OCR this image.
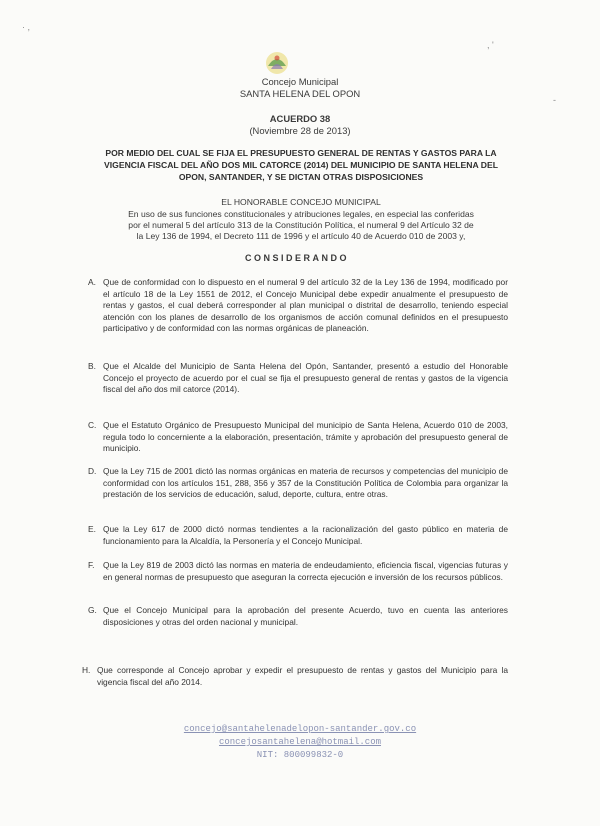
· ,
, '
-
Concejo Municipal
SANTA HELENA DEL OPON
ACUERDO 38
(Noviembre 28 de 2013)
POR MEDIO DEL CUAL SE FIJA EL PRESUPUESTO GENERAL DE RENTAS Y GASTOS PARA LA
VIGENCIA FISCAL DEL AÑO DOS MIL CATORCE (2014) DEL MUNICIPIO DE SANTA HELENA DEL
OPON, SANTANDER, Y SE DICTAN OTRAS DISPOSICIONES
EL HONORABLE CONCEJO MUNICIPAL
En uso de sus funciones constitucionales y atribuciones legales, en especial las conferidas
por el numeral 5 del artículo 313 de la Constitución Política, el numeral 9 del Artículo 32 de
la Ley 136 de 1994, el Decreto 111 de 1996 y el artículo 40 de Acuerdo 010 de 2003 y,
CONSIDERANDO
A. Que de conformidad con lo dispuesto en el numeral 9 del artículo 32 de la Ley 136 de 1994, modificado por el artículo 18 de la Ley 1551 de 2012, el Concejo Municipal debe expedir anualmente el presupuesto de rentas y gastos, el cual deberá corresponder al plan municipal o distrital de desarrollo, teniendo especial atención con los planes de desarrollo de los organismos de acción comunal definidos en el presupuesto participativo y de conformidad con las normas orgánicas de planeación.
B. Que el Alcalde del Municipio de Santa Helena del Opón, Santander, presentó a estudio del Honorable Concejo el proyecto de acuerdo por el cual se fija el presupuesto general de rentas y gastos de la vigencia fiscal del año dos mil catorce (2014).
C. Que el Estatuto Orgánico de Presupuesto Municipal del municipio de Santa Helena, Acuerdo 010 de 2003, regula todo lo concerniente a la elaboración, presentación, trámite y aprobación del presupuesto general de municipio.
D. Que la Ley 715 de 2001 dictó las normas orgánicas en materia de recursos y competencias del municipio de conformidad con los artículos 151, 288, 356 y 357 de la Constitución Política de Colombia para organizar la prestación de los servicios de educación, salud, deporte, cultura, entre otras.
E. Que la Ley 617 de 2000 dictó normas tendientes a la racionalización del gasto público en materia de funcionamiento para la Alcaldía, la Personería y el Concejo Municipal.
F. Que la Ley 819 de 2003 dictó las normas en materia de endeudamiento, eficiencia fiscal, vigencias futuras y en general normas de presupuesto que aseguran la correcta ejecución e inversión de los recursos públicos.
G. Que el Concejo Municipal para la aprobación del presente Acuerdo, tuvo en cuenta las anteriores disposiciones y otras del orden nacional y municipal.
H. Que corresponde al Concejo aprobar y expedir el presupuesto de rentas y gastos del Municipio para la vigencia fiscal del año 2014.
concejo@santahelenadelopon-santander.gov.co
concejosantahelena@hotmail.com
NIT: 800099832-0
